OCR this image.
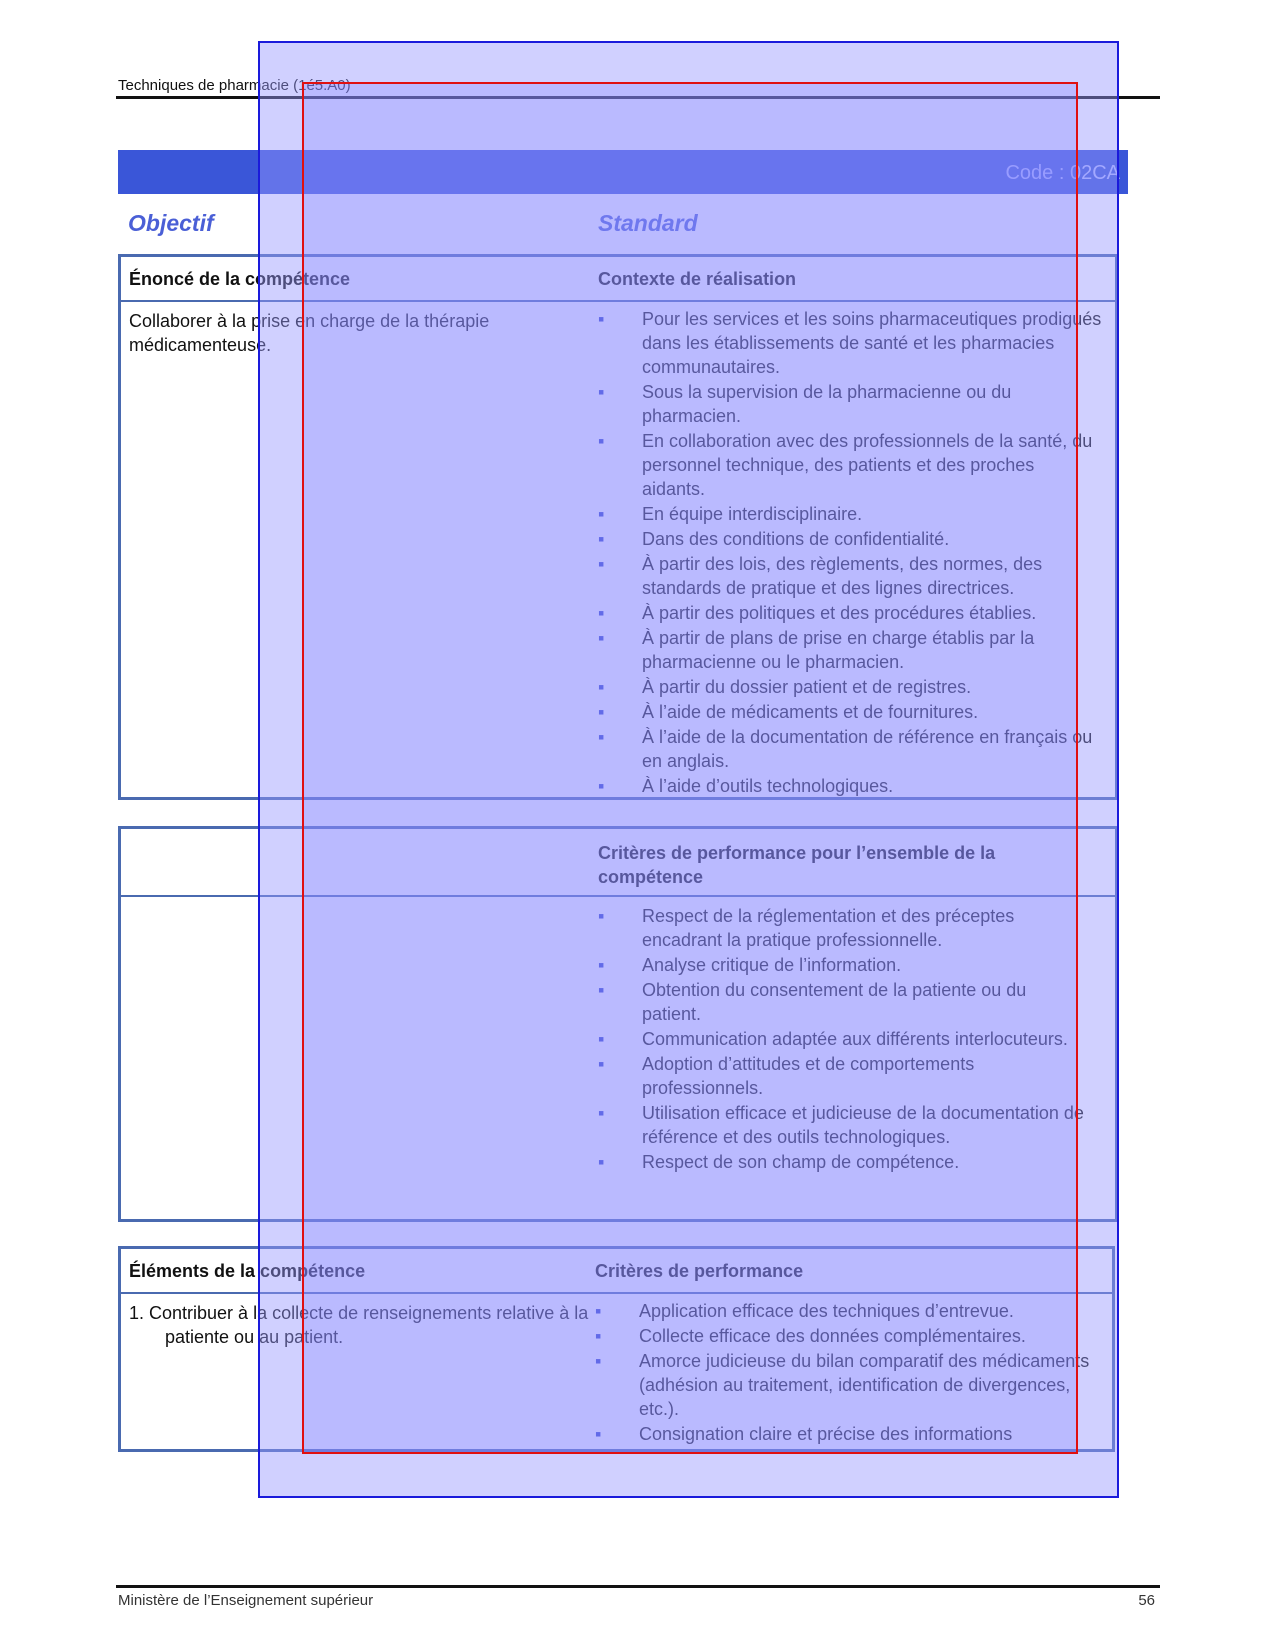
Techniques de pharmacie (1é5.A0)
Code : 02CA
Objectif	Standard
Énoncé de la compétence	Contexte de réalisation
Collaborer à la prise en charge de la thérapie médicamenteuse.
▪ Pour les services et les soins pharmaceutiques prodigués dans les établissements de santé et les pharmacies communautaires.
▪ Sous la supervision de la pharmacienne ou du pharmacien.
▪ En collaboration avec des professionnels de la santé, du personnel technique, des patients et des proches aidants.
▪ En équipe interdisciplinaire.
▪ Dans des conditions de confidentialité.
▪ À partir des lois, des règlements, des normes, des standards de pratique et des lignes directrices.
▪ À partir des politiques et des procédures établies.
▪ À partir de plans de prise en charge établis par la pharmacienne ou le pharmacien.
▪ À partir du dossier patient et de registres.
▪ À l’aide de médicaments et de fournitures.
▪ À l’aide de la documentation de référence en français ou en anglais.
▪ À l’aide d’outils technologiques.
Critères de performance pour l’ensemble de la compétence
▪ Respect de la réglementation et des préceptes encadrant la pratique professionnelle.
▪ Analyse critique de l’information.
▪ Obtention du consentement de la patiente ou du patient.
▪ Communication adaptée aux différents interlocuteurs.
▪ Adoption d’attitudes et de comportements professionnels.
▪ Utilisation efficace et judicieuse de la documentation de référence et des outils technologiques.
▪ Respect de son champ de compétence.
Éléments de la compétence	Critères de performance
1. Contribuer à la collecte de renseignements relative à la patiente ou au patient.
▪ Application efficace des techniques d’entrevue.
▪ Collecte efficace des données complémentaires.
▪ Amorce judicieuse du bilan comparatif des médicaments (adhésion au traitement, identification de divergences, etc.).
▪ Consignation claire et précise des informations
Ministère de l’Enseignement supérieur	56
